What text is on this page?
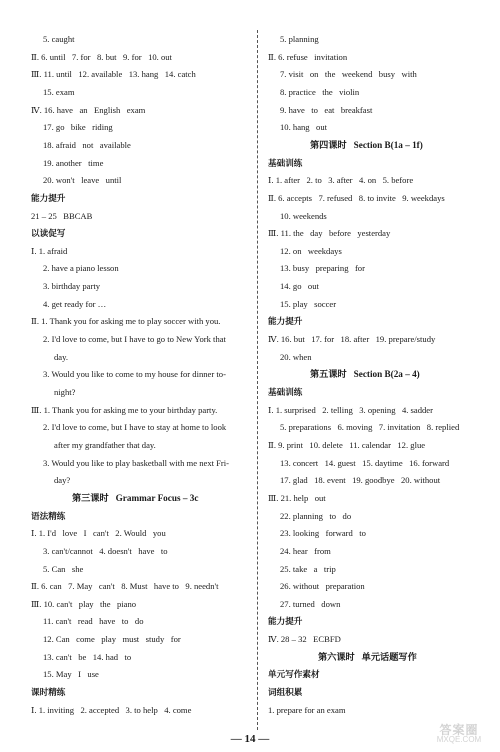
5. caught
Ⅱ. 6. until   7. for   8. but   9. for   10. out
Ⅲ. 11. until   12. available   13. hang   14. catch
15. exam
Ⅳ. 16. have   an   English   exam
17. go   bike   riding
18. afraid   not   available
19. another   time
20. won't   leave   until
能力提升
21 – 25   BBCAB
以读促写
Ⅰ. 1. afraid
2. have a piano lesson
3. birthday party
4. get ready for …
Ⅱ. 1. Thank you for asking me to play soccer with you.
2. I'd love to come, but I have to go to New York that
day.
3. Would you like to come to my house for dinner to-
night?
Ⅲ. 1. Thank you for asking me to your birthday party.
2. I'd love to come, but I have to stay at home to look
after my grandfather that day.
3. Would you like to play basketball with me next Fri-
day?
第三课时   Grammar Focus – 3c
语法精练
Ⅰ. 1. I'd   love   I   can't   2. Would   you
3. can't/cannot   4. doesn't   have   to
5. Can   she
Ⅱ. 6. can   7. May   can't   8. Must   have to   9. needn't
Ⅲ. 10. can't   play   the   piano
11. can't   read   have   to   do
12. Can   come   play   must   study   for
13. can't   be   14. had   to
15. May   I   use
课时精练
Ⅰ. 1. inviting   2. accepted   3. to help   4. come
5. planning
Ⅱ. 6. refuse   invitation
7. visit   on   the   weekend   busy   with
8. practice   the   violin
9. have   to   eat   breakfast
10. hang   out
第四课时   Section B(1a – 1f)
基础训练
Ⅰ. 1. after   2. to   3. after   4. on   5. before
Ⅱ. 6. accepts   7. refused   8. to invite   9. weekdays
10. weekends
Ⅲ. 11. the   day   before   yesterday
12. on   weekdays
13. busy   preparing   for
14. go   out
15. play   soccer
能力提升
Ⅳ. 16. but   17. for   18. after   19. prepare/study
20. when
第五课时   Section B(2a – 4)
基础训练
Ⅰ. 1. surprised   2. telling   3. opening   4. sadder
5. preparations   6. moving   7. invitation   8. replied
Ⅱ. 9. print   10. delete   11. calendar   12. glue
13. concert   14. guest   15. daytime   16. forward
17. glad   18. event   19. goodbye   20. without
Ⅲ. 21. help   out
22. planning   to   do
23. looking   forward   to
24. hear   from
25. take   a   trip
26. without   preparation
27. turned   down
能力提升
Ⅳ. 28 – 32   ECBFD
第六课时   单元话题写作
单元写作素材
词组积累
1. prepare for an exam
— 14 —
答案圈
MXQE.COM
